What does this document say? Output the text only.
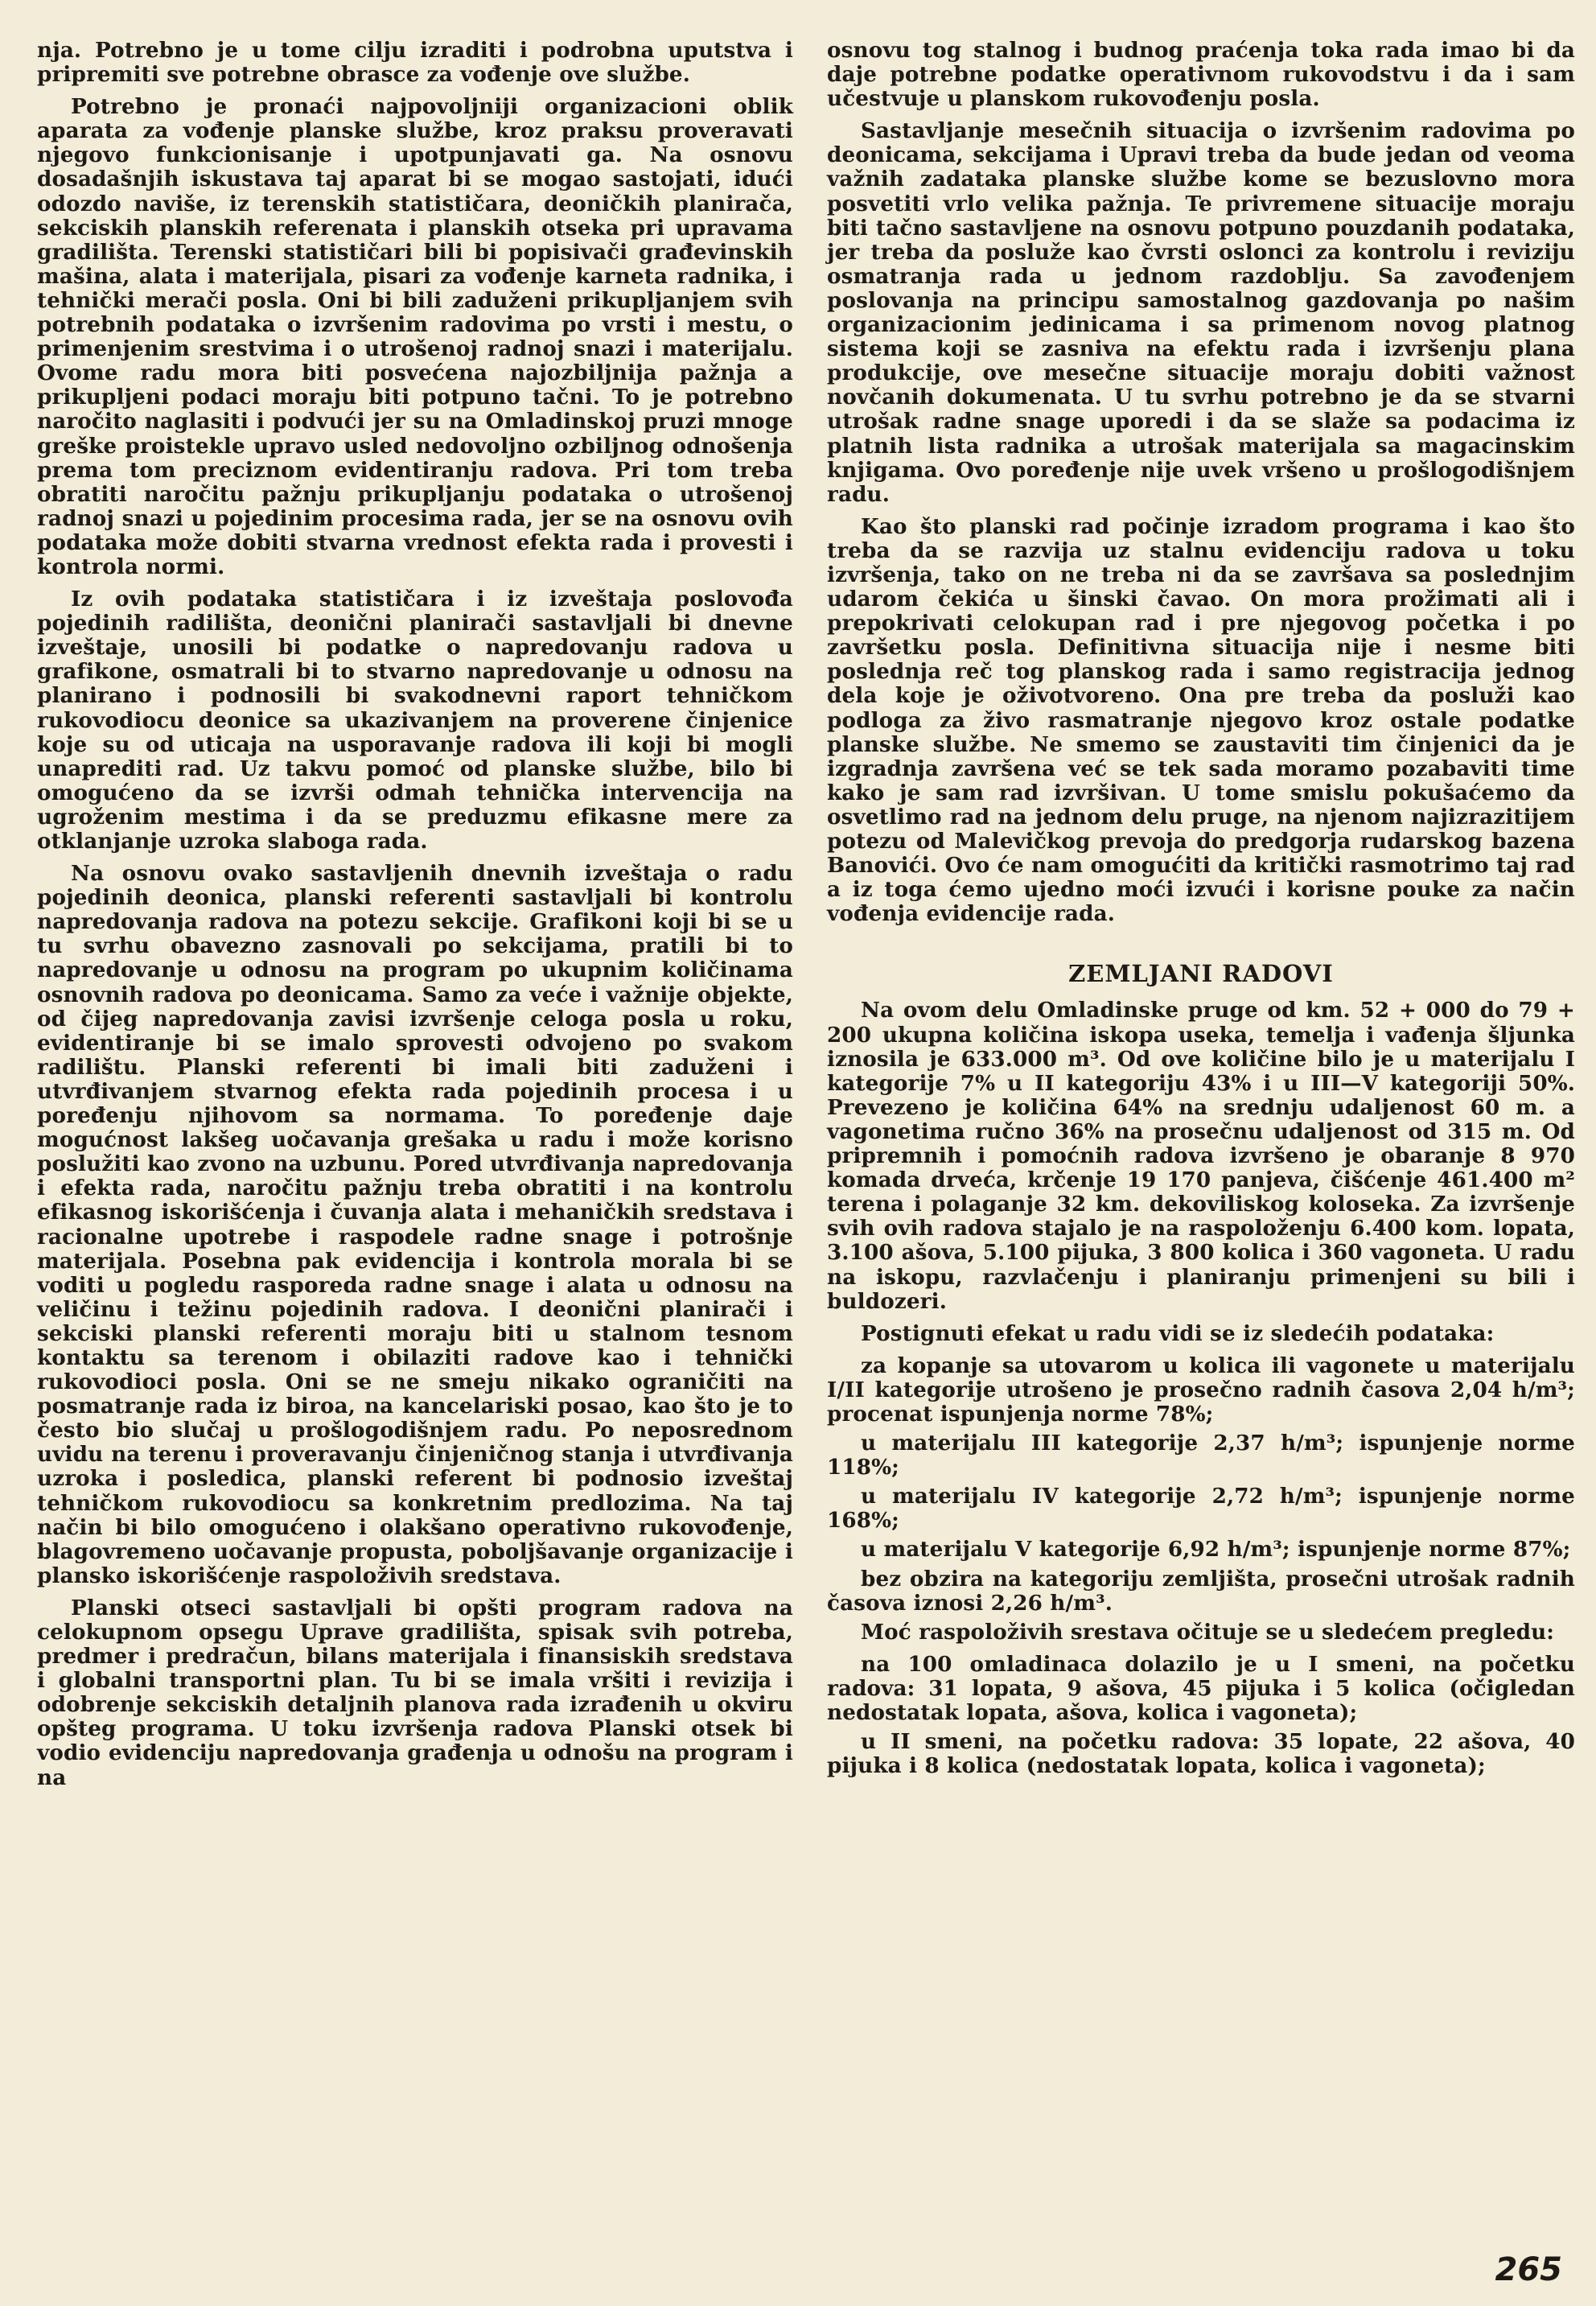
nja. Potrebno je u tome cilju izraditi i podrobna uputstva i pripremiti sve potrebne obrasce za vođenje ove službe.

Potrebno je pronaći najpovoljniji organizacioni oblik aparata za vođenje planske službe, kroz praksu proveravati njegovo funkcionisanje i upotpunjavati ga. Na osnovu dosadašnjih iskustava taj aparat bi se mogao sastojati, idući odozdo naviše, iz terenskih statističara, deoničkih planirača, sekciskih planskih referenata i planskih otseka pri upravama gradilišta. Terenski statističari bili bi popisivači građevinskih mašina, alata i materijala, pisari za vođenje karneta radnika, i tehnički merači posla. Oni bi bili zaduženi prikupljanjem svih potrebnih podataka o izvršenim radovima po vrsti i mestu, o primenjenim srestvima i o utrošenoj radnoj snazi i materijalu. Ovome radu mora biti posvećena najozbiljnija pažnja a prikupljeni podaci moraju biti potpuno tačni. To je potrebno naročito naglasiti i podvući jer su na Omladinskoj pruzi mnoge greške proistekle upravo usled nedovoljno ozbiljnog odnošenja prema tom preciznom evidentiranju radova. Pri tom treba obratiti naročitu pažnju prikupljanju podataka o utrošenoj radnoj snazi u pojedinim procesima rada, jer se na osnovu ovih podataka može dobiti stvarna vrednost efekta rada i provesti i kontrola normi.

Iz ovih podataka statističara i iz izveštaja poslovođa pojedinih radilišta, deonični planirači sastavljali bi dnevne izveštaje, unosili bi podatke o napredovanju radova u grafikone, osmatrali bi to stvarno napredovanje u odnosu na planirano i podnosili bi svakodnevni raport tehničkom rukovodiocu deonice sa ukazivanjem na proverene činjenice koje su od uticaja na usporavanje radova ili koji bi mogli unaprediti rad. Uz takvu pomoć od planske službe, bilo bi omogućeno da se izvrši odmah tehnička intervencija na ugroženim mestima i da se preduzmu efikasne mere za otklanjanje uzroka slaboga rada.

Na osnovu ovako sastavljenih dnevnih izveštaja o radu pojedinih deonica, planski referenti sastavljali bi kontrolu napredovanja radova na potezu sekcije. Grafikoni koji bi se u tu svrhu obavezno zasnovali po sekcijama, pratili bi to napredovanje u odnosu na program po ukupnim količinama osnovnih radova po deonicama. Samo za veće i važnije objekte, od čijeg napredovanja zavisi izvršenje celoga posla u roku, evidentiranje bi se imalo sprovesti odvojeno po svakom radilištu. Planski referenti bi imali biti zaduženi i utvrđivanjem stvarnog efekta rada pojedinih procesa i u poređenju njihovom sa normama. To poređenje daje mogućnost lakšeg uočavanja grešaka u radu i može korisno poslužiti kao zvono na uzbunu. Pored utvrđivanja napredovanja i efekta rada, naročitu pažnju treba obratiti i na kontrolu efikasnog iskorišćenja i čuvanja alata i mehaničkih sredstava i racionalne upotrebe i raspodele radne snage i potrošnje materijala. Posebna pak evidencija i kontrola morala bi se voditi u pogledu rasporeda radne snage i alata u odnosu na veličinu i težinu pojedinih radova. I deonični planirači i sekciski planski referenti moraju biti u stalnom tesnom kontaktu sa terenom i obilaziti radove kao i tehnički rukovodioci posla. Oni se ne smeju nikako ograničiti na posmatranje rada iz biroa, na kancelariski posao, kao što je to često bio slučaj u prošlogodišnjem radu. Po neposrednom uvidu na terenu i proveravanju činjeničnog stanja i utvrđivanja uzroka i posledica, planski referent bi podnosio izveštaj tehničkom rukovodiocu sa konkretnim predlozima. Na taj način bi bilo omogućeno i olakšano operativno rukovođenje, blagovremeno uočavanje propusta, poboljšavanje organizacije i plansko iskorišćenje raspoloživih sredstava.

Planski otseci sastavljali bi opšti program radova na celokupnom opsegu Uprave gradilišta, spisak svih potreba, predmer i predračun, bilans materijala i finansiskih sredstava i globalni transportni plan. Tu bi se imala vršiti i revizija i odobrenje sekciskih detaljnih planova rada izrađenih u okviru opšteg programa. U toku izvršenja radova Planski otsek bi vodio evidenciju napredovanja građenja u odnošu na program i na

osnovu tog stalnog i budnog praćenja toka rada imao bi da daje potrebne podatke operativnom rukovodstvu i da i sam učestvuje u planskom rukovođenju posla.

Sastavljanje mesečnih situacija o izvršenim radovima po deonicama, sekcijama i Upravi treba da bude jedan od veoma važnih zadataka planske službe kome se bezuslovno mora posvetiti vrlo velika pažnja. Te privremene situacije moraju biti tačno sastavljene na osnovu potpuno pouzdanih podataka, jer treba da posluže kao čvrsti oslonci za kontrolu i reviziju osmatranja rada u jednom razdoblju. Sa zavođenjem poslovanja na principu samostalnog gazdovanja po našim organizacionim jedinicama i sa primenom novog platnog sistema koji se zasniva na efektu rada i izvršenju plana produkcije, ove mesečne situacije moraju dobiti važnost novčanih dokumenata. U tu svrhu potrebno je da se stvarni utrošak radne snage uporedi i da se slaže sa podacima iz platnih lista radnika a utrošak materijala sa magacinskim knjigama. Ovo poređenje nije uvek vršeno u prošlogodišnjem radu.

Kao što planski rad počinje izradom programa i kao što treba da se razvija uz stalnu evidenciju radova u toku izvršenja, tako on ne treba ni da se završava sa poslednjim udarom čekića u šinski čavao. On mora prožimati ali i prepokrivati celokupan rad i pre njegovog početka i po završetku posla. Definitivna situacija nije i nesme biti poslednja reč tog planskog rada i samo registracija jednog dela koje je oživotvoreno. Ona pre treba da posluži kao podloga za živo rasmatranje njegovo kroz ostale podatke planske službe. Ne smemo se zaustaviti tim činjenici da je izgradnja završena već se tek sada moramo pozabaviti time kako je sam rad izvršivan. U tome smislu pokušaćemo da osvetlimo rad na jednom delu pruge, na njenom najizrazitijem potezu od Malevičkog prevoja do predgorja rudarskog bazena Banovići. Ovo će nam omogućiti da kritički rasmotrimo taj rad a iz toga ćemo ujedno moći izvući i korisne pouke za način vođenja evidencije rada.

ZEMLJANI RADOVI

Na ovom delu Omladinske pruge od km. 52 + 000 do 79 + 200 ukupna količina iskopa useka, temelja i vađenja šljunka iznosila je 633.000 m³. Od ove količine bilo je u materijalu I kategorije 7% u II kategoriju 43% i u III—V kategoriji 50%. Prevezeno je količina 64% na srednju udaljenost 60 m. a vagonetima ručno 36% na prosečnu udaljenost od 315 m. Od pripremnih i pomoćnih radova izvršeno je obaranje 8 970 komada drveća, krčenje 19 170 panjeva, čišćenje 461.400 m² terena i polaganje 32 km. dekoviliskog koloseka. Za izvršenje svih ovih radova stajalo je na raspoloženju 6.400 kom. lopata, 3.100 ašova, 5.100 pijuka, 3 800 kolica i 360 vagoneta. U radu na iskopu, razvlačenju i planiranju primenjeni su bili i buldozeri.

Postignuti efekat u radu vidi se iz sledećih podataka:

za kopanje sa utovarom u kolica ili vagonete u materijalu I/II kategorije utrošeno je prosečno radnih časova 2,04 h/m³; procenat ispunjenja norme 78%;

u materijalu III kategorije 2,37 h/m³; ispunjenje norme 118%;

u materijalu IV kategorije 2,72 h/m³; ispunjenje norme 168%;

u materijalu V kategorije 6,92 h/m³; ispunjenje norme 87%;

bez obzira na kategoriju zemljišta, prosečni utrošak radnih časova iznosi 2,26 h/m³.

Moć raspoloživih srestava očituje se u sledećem pregledu:

na 100 omladinaca dolazilo je u I smeni, na početku radova: 31 lopata, 9 ašova, 45 pijuka i 5 kolica (očigledan nedostatak lopata, ašova, kolica i vagoneta);

u II smeni, na početku radova: 35 lopate, 22 ašova, 40 pijuka i 8 kolica (nedostatak lopata, kolica i vagoneta);

265
